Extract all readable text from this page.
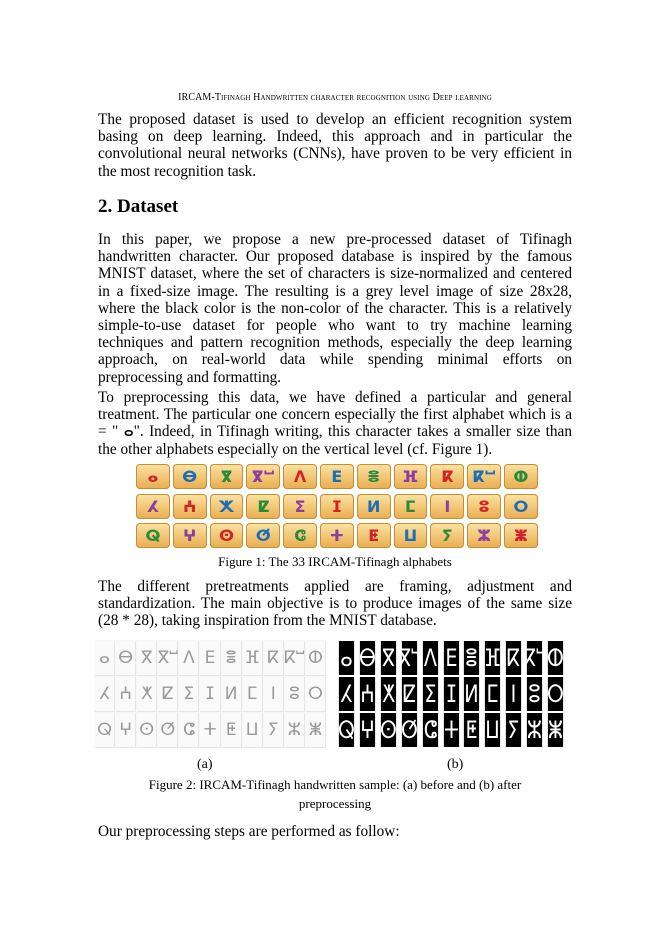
IRCAM-Tifinagh Handwritten character recognition using Deep learning

The proposed dataset is used to develop an efficient recognition system basing on deep learning. Indeed, this approach and in particular the convolutional neural networks (CNNs), have proven to be very efficient in the most recognition task.

2. Dataset

In this paper, we propose a new pre-processed dataset of Tifinagh handwritten character. Our proposed database is inspired by the famous MNIST dataset, where the set of characters is size-normalized and centered in a fixed-size image. The resulting is a grey level image of size 28x28, where the black color is the non-color of the character. This is a relatively simple-to-use dataset for people who want to try machine learning techniques and pattern recognition methods, especially the deep learning approach, on real-world data while spending minimal efforts on preprocessing and formatting.

To preprocessing this data, we have defined a particular and general treatment. The particular one concern especially the first alphabet which is a = " ⴰ". Indeed, in Tifinagh writing, this character takes a smaller size than the other alphabets especially on the vertical level (cf. Figure 1).

ⴰ ⴱ ⴳ ⴳⵯ ⴷ ⴹ ⴻ ⴼ ⴽ ⴽⵯ ⵀ
ⵃ ⵄ ⵅ ⵇ ⵉ ⵊ ⵍ ⵎ ⵏ ⵓ ⵔ
ⵕ ⵖ ⵙ ⵚ ⵛ ⵜ ⵟ ⵡ ⵢ ⵣ ⵥ
Figure 1: The 33 IRCAM-Tifinagh alphabets

The different pretreatments applied are framing, adjustment and standardization. The main objective is to produce images of the same size (28 * 28), taking inspiration from the MNIST database.

ⴰ ⴱ ⴳ ⴳⵯ ⴷ ⴹ ⴻ ⴼ ⴽ ⴽⵯ ⵀ
ⵃ ⵄ ⵅ ⵇ ⵉ ⵊ ⵍ ⵎ ⵏ ⵓ ⵔ
ⵕ ⵖ ⵙ ⵚ ⵛ ⵜ ⵟ ⵡ ⵢ ⵣ ⵥ
ⴰ ⴱ ⴳ ⴳⵯ ⴷ ⴹ ⴻ ⴼ ⴽ ⴽⵯ ⵀ
ⵃ ⵄ ⵅ ⵇ ⵉ ⵊ ⵍ ⵎ ⵏ ⵓ ⵔ
ⵕ ⵖ ⵙ ⵚ ⵛ ⵜ ⵟ ⵡ ⵢ ⵣ ⵥ
(a)	(b)
Figure 2: IRCAM-Tifinagh handwritten sample: (a) before and (b) after
preprocessing

Our preprocessing steps are performed as follow:
